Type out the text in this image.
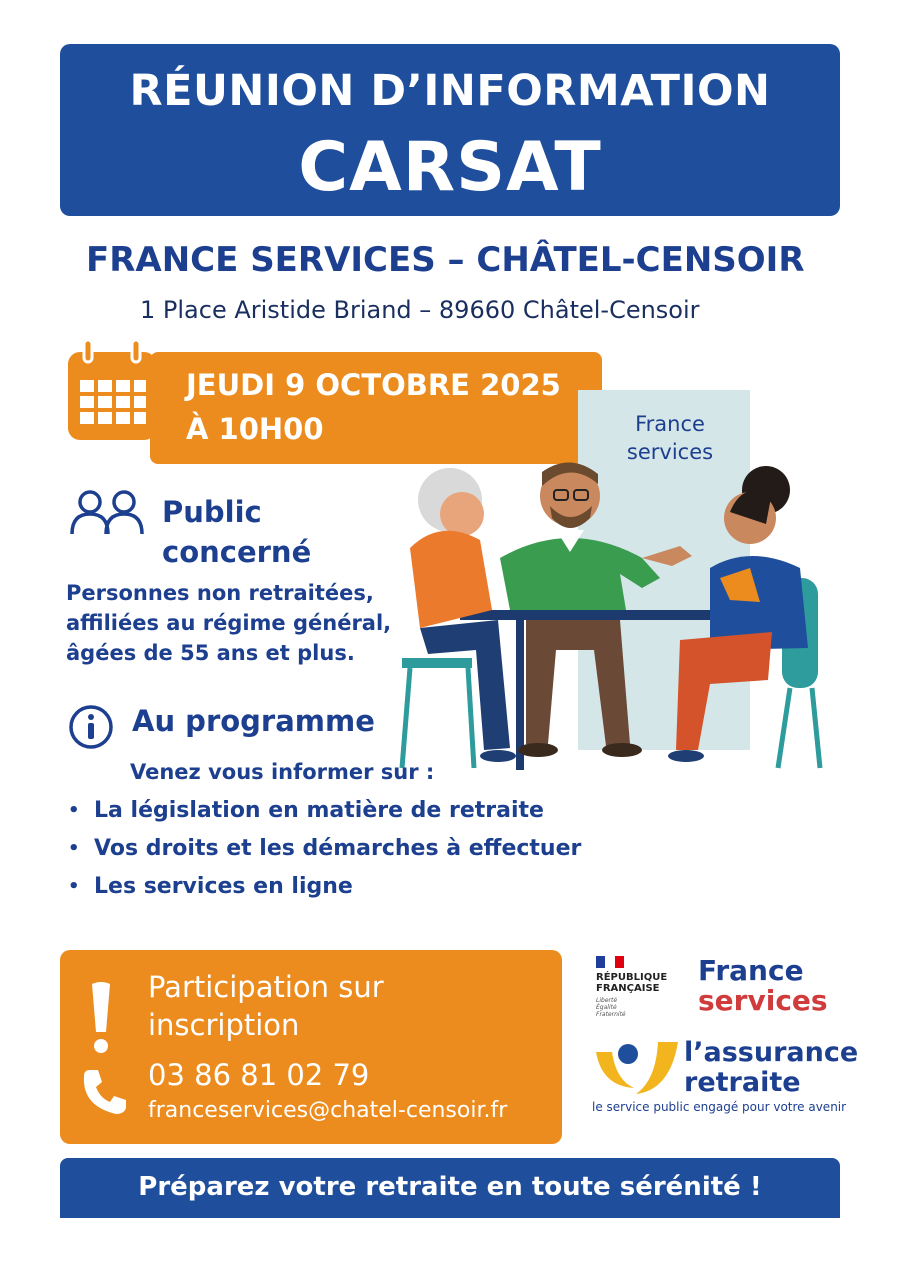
RÉUNION D’INFORMATION
CARSAT
FRANCE SERVICES – CHÂTEL-CENSOIR
1 Place Aristide Briand – 89660 Châtel-Censoir
JEUDI 9 OCTOBRE 2025
À 10H00	France
services
Public
concerné
Personnes non retraitées,
affiliées au régime général,
âgées de 55 ans et plus.
Au programme
Venez vous informer sur :
• La législation en matière de retraite
• Vos droits et les démarches à effectuer
• Les services en ligne
Participation sur
inscription
03 86 81 02 79
franceservices@chatel-censoir.fr
RÉPUBLIQUE
FRANÇAISE
Liberté
Égalité
Fraternité
France
services
l’assurance
retraite
le service public engagé pour votre avenir
Préparez votre retraite en toute sérénité !
